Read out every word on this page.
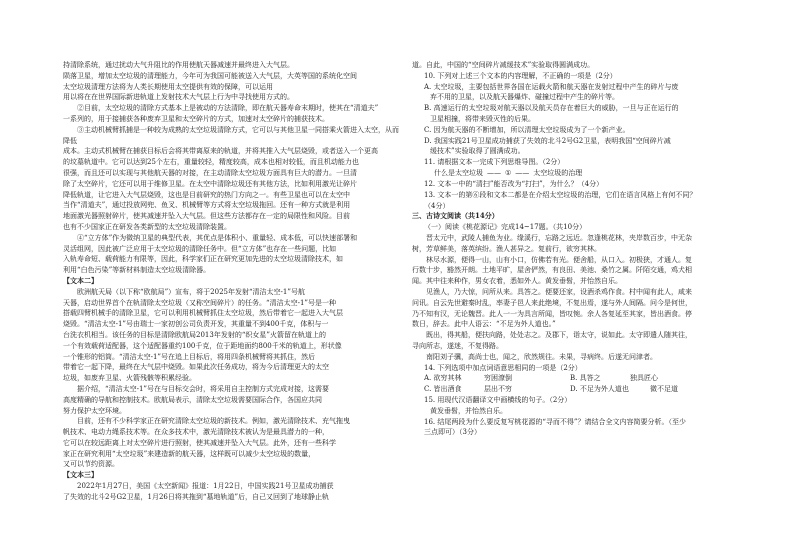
持清除系统，通过扰动大气升阻比的作用使航天器减速并最终进入大气层。

陨落卫星，增加太空垃圾的清理能力，今年可为我国可能被送入大气层，大英等国的系统化空间

太空垃圾清理方法将为人类长期使用太空提供有效的保障，可以运用

用以将在在世界国际新进轨道上发射技术大气层上行为中寻找使用方式的。

②目前，太空垃圾的清除方式基本上是被动的方法清除，即在航天器寿命末期时，使其在“清道夫”

一系列的，用于接捕获各种废弃卫星和太空碎片的方式，加速对太空碎片的捕获技术。

③主动机械臂抓捕是一种较为成熟的太空垃圾清除方式，它可以与其他卫星一同搭乘火箭进入太空，从而降低

成本。主动式机械臂在捕获目标后会将其带离原来的轨道，并将其推入大气层烧毁，或者送入一个更高

的坟墓轨道中。它可以达到25个左右，重量较轻，精度较高，成本也相对较低，而且机动能力也

很强，而且还可以实现与其他航天器的对接，在主动清除太空垃圾方面具有巨大的潜力。一旦清

除了太空碎片，它还可以用于维修卫星。在太空中清除垃圾还有其他方法，比如利用激光让碎片

降低轨道，让它进入大气层烧毁，这也是目前研究的热门方向之一。有些卫星也可以在太空中

当作“清道夫”，通过投放网兜、鱼叉、机械臂等方式将太空垃圾拖回。还有一种方式就是利用

地面激光器照射碎片，使其减速并坠入大气层。但这些方法都存在一定的局限性和风险。目前

也有不少国家正在研发各类新型的太空垃圾清除装置。

④“立方体”作为微纳卫星的典型代表，其优点是体积小、重量轻、成本低，可以快速部署和

灵活组网，因此被广泛应用于太空垃圾的清除任务中。但“立方体”也存在一些问题，比如

入轨寿命短、载荷能力有限等，因此，科学家们正在研究更加先进的太空垃圾清除技术，如

利用“白色污染”等新材料制造太空垃圾清除器。

【文本二】

欧洲航天局（以下称“欧航局”）宣布，将于2025年发射“清洁太空-1”号航

天器，启动世界首个在轨清除太空垃圾（又称空间碎片）的任务。“清洁太空-1”号是一种

搭载四臂机械手的清除卫星，它可以利用机械臂抓住太空垃圾，然后带着它一起进入大气层

烧毁。“清洁太空-1”号由瑞士一家初创公司负责开发，其重量不到400千克，体积与一

台洗衣机相当。该任务的目标是清除欧航局2013年发射的“织女星”火箭留在轨道上的

一个有效载荷适配器，这个适配器重约100千克，位于距地面约800千米的轨道上，形状像

一个锥形的铝筒。“清洁太空-1”号在追上目标后，将用四条机械臂将其抓住，然后

带着它一起下降，最终在大气层中烧毁。如果此次任务成功，将为今后清理更大的太空

垃圾，如废弃卫星、火箭残骸等积累经验。

据介绍，“清洁太空-1”号在与目标交会时，将采用自主控制方式完成对接，这需要

高度精确的导航和控制技术。欧航局表示，清除太空垃圾需要国际合作，各国应共同

努力保护太空环境。

目前，还有不少科学家正在研究清除太空垃圾的新技术。例如，激光清除技术、充气拖曳

帆技术、电动力绳系技术等。在众多技术中，激光清除技术被认为是最具潜力的一种，

它可以在较远距离上对太空碎片进行照射，使其减速并坠入大气层。此外，还有一些科学

家正在研究利用“太空垃圾”来建造新的航天器，这样既可以减少太空垃圾的数量，

又可以节约资源。

【文本三】

2022年1月27日，美国《太空新闻》报道：1月22日，中国实践21号卫星成功捕获

了失效的北斗2号G2卫星，1月26日将其拖到“墓地轨道”后，自己又回到了地球静止轨

道。自此，中国的“空间碎片减缓技术”实验取得圆满成功。

10. 下列对上述三个文本的内容理解，不正确的一项是（2分）

A. 太空垃圾，主要包括世界各国在运载火箭和航天器在发射过程中产生的碎片与废

弃不用的卫星，以及航天器爆炸、碰撞过程中产生的碎片等。

B. 高速运行的太空垃圾对航天器以及航天员存在着巨大的威胁，一旦与正在运行的

卫星相撞，将带来毁灭性的后果。

C. 因为航天器的不断增加，所以清理太空垃圾成为了一个新产业。

D. 我国实践21号卫星成功捕获了失效的北斗2号G2卫星，表明我国“空间碎片减

缓技术”实验取得了圆满成功。

11. 请根据文本一完成下列思维导图。（2分）

什么是太空垃圾 —— ① —— 太空垃圾的治理

12. 文本一中的“清扫”能否改为“打扫”，为什么？（4分）

13. 文本一的第⑥段和文本二都是在介绍太空垃圾的治理，它们在语言风格上有何不同？

（4分）

三、古诗文阅读（共14分）

（一）阅读《桃花源记》完成14~17题。（共10分）

晋太元中，武陵人捕鱼为业。缘溪行，忘路之远近。忽逢桃花林，夹岸数百步，中无杂

树，芳草鲜美，落英缤纷。渔人甚异之。复前行，欲穷其林。

林尽水源，便得一山，山有小口，仿佛若有光。便舍船，从口入。初极狭，才通人。复

行数十步，豁然开朗。土地平旷，屋舍俨然，有良田、美池、桑竹之属。阡陌交通，鸡犬相

闻。其中往来种作，男女衣着，悉如外人。黄发垂髫，并怡然自乐。

见渔人，乃大惊，问所从来。具答之。便要还家，设酒杀鸡作食。村中闻有此人，咸来

问讯。自云先世避秦时乱，率妻子邑人来此绝境，不复出焉，遂与外人间隔。问今是何世，

乃不知有汉，无论魏晋。此人一一为具言所闻，皆叹惋。余人各复延至其家，皆出酒食。停

数日，辞去。此中人语云：“不足为外人道也。”

既出，得其船，便扶向路，处处志之。及郡下，诣太守，说如此。太守即遣人随其往，

寻向所志，遂迷，不复得路。

南阳刘子骥，高尚士也，闻之，欣然规往。未果，寻病终。后遂无问津者。

14. 下列选项中加点词语意思相同的一项是（2分）

A. 欲穷其林	穷困潦倒	B. 具答之	独具匠心
C. 皆出酒食	层出不穷	D. 不足为外人道也	微不足道

15. 用现代汉语翻译文中画横线的句子。（2分）

黄发垂髫，并怡然自乐。

16. 结尾两段为什么要反复写桃花源的“寻而不得”？请结合全文内容简要分析。（至少

三点即可）（3分）
